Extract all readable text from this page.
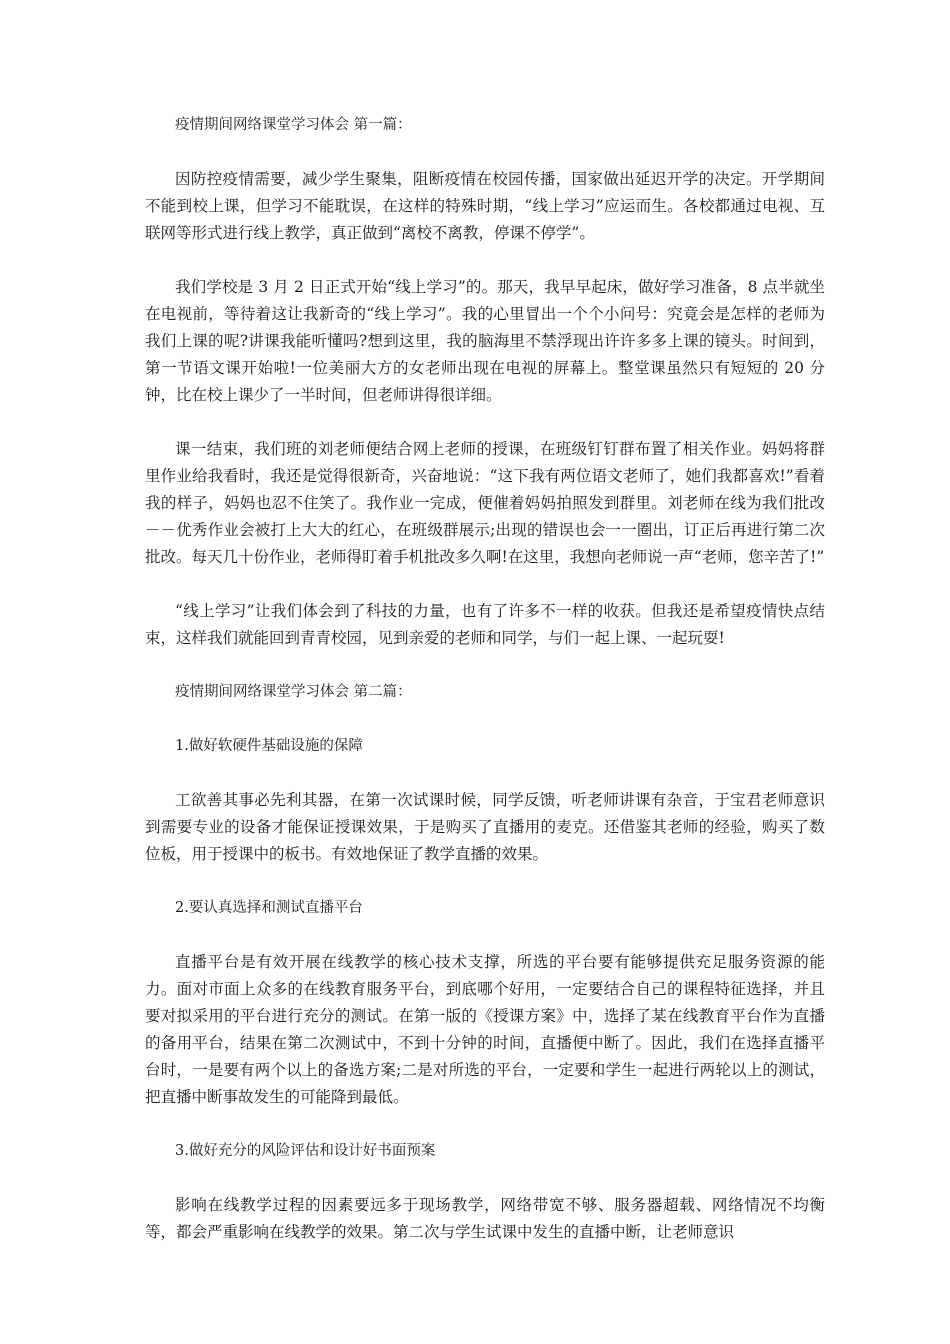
疫情期间网络课堂学习体会 第一篇：

因防控疫情需要，减少学生聚集，阻断疫情在校园传播，国家做出延迟开学的决定。开学期间不能到校上课，但学习不能耽误，在这样的特殊时期，“线上学习”应运而生。各校都通过电视、互联网等形式进行线上教学，真正做到“离校不离教，停课不停学”。

我们学校是 3 月 2 日正式开始“线上学习”的。那天，我早早起床，做好学习准备，8 点半就坐在电视前，等待着这让我新奇的“线上学习”。我的心里冒出一个个小问号：究竟会是怎样的老师为我们上课的呢?讲课我能听懂吗?想到这里，我的脑海里不禁浮现出许许多多上课的镜头。时间到，第一节语文课开始啦!一位美丽大方的女老师出现在电视的屏幕上。整堂课虽然只有短短的 20 分钟，比在校上课少了一半时间，但老师讲得很详细。

课一结束，我们班的刘老师便结合网上老师的授课，在班级钉钉群布置了相关作业。妈妈将群里作业给我看时，我还是觉得很新奇，兴奋地说：“这下我有两位语文老师了，她们我都喜欢!”看着我的样子，妈妈也忍不住笑了。我作业一完成，便催着妈妈拍照发到群里。刘老师在线为我们批改－－优秀作业会被打上大大的红心，在班级群展示;出现的错误也会一一圈出，订正后再进行第二次批改。每天几十份作业，老师得盯着手机批改多久啊!在这里，我想向老师说一声“老师，您辛苦了!”

“线上学习”让我们体会到了科技的力量，也有了许多不一样的收获。但我还是希望疫情快点结束，这样我们就能回到青青校园，见到亲爱的老师和同学，与们一起上课、一起玩耍!

疫情期间网络课堂学习体会 第二篇：

1.做好软硬件基础设施的保障

工欲善其事必先利其器，在第一次试课时候，同学反馈，听老师讲课有杂音，于宝君老师意识到需要专业的设备才能保证授课效果，于是购买了直播用的麦克。还借鉴其老师的经验，购买了数位板，用于授课中的板书。有效地保证了教学直播的效果。

2.要认真选择和测试直播平台

直播平台是有效开展在线教学的核心技术支撑，所选的平台要有能够提供充足服务资源的能力。面对市面上众多的在线教育服务平台，到底哪个好用，一定要结合自己的课程特征选择，并且要对拟采用的平台进行充分的测试。在第一版的《授课方案》中，选择了某在线教育平台作为直播的备用平台，结果在第二次测试中，不到十分钟的时间，直播便中断了。因此，我们在选择直播平台时，一是要有两个以上的备选方案;二是对所选的平台，一定要和学生一起进行两轮以上的测试，把直播中断事故发生的可能降到最低。

3.做好充分的风险评估和设计好书面预案

影响在线教学过程的因素要远多于现场教学，网络带宽不够、服务器超载、网络情况不均衡等，都会严重影响在线教学的效果。第二次与学生试课中发生的直播中断，让老师意识
